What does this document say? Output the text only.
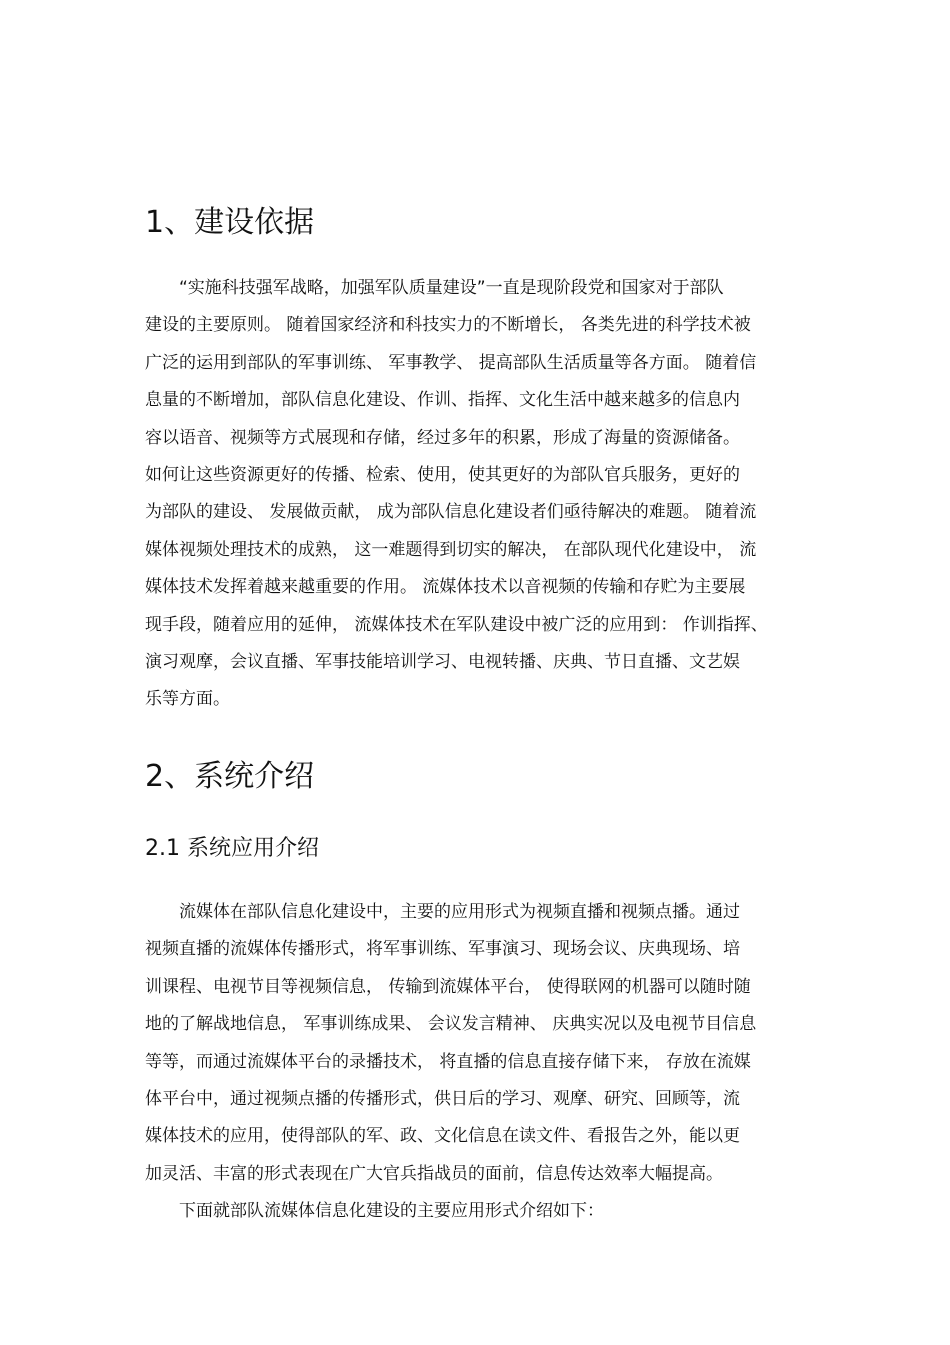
1、建设依据
“实施科技强军战略，加强军队质量建设”一直是现阶段党和国家对于部队
建设的主要原则。 随着国家经济和科技实力的不断增长， 各类先进的科学技术被
广泛的运用到部队的军事训练、 军事教学、 提高部队生活质量等各方面。 随着信
息量的不断增加，部队信息化建设、作训、指挥、文化生活中越来越多的信息内
容以语音、视频等方式展现和存储，经过多年的积累，形成了海量的资源储备。
如何让这些资源更好的传播、检索、使用，使其更好的为部队官兵服务，更好的
为部队的建设、 发展做贡献， 成为部队信息化建设者们亟待解决的难题。 随着流
媒体视频处理技术的成熟， 这一难题得到切实的解决， 在部队现代化建设中， 流
媒体技术发挥着越来越重要的作用。 流媒体技术以音视频的传输和存贮为主要展
现手段，随着应用的延伸， 流媒体技术在军队建设中被广泛的应用到： 作训指挥、
演习观摩，会议直播、军事技能培训学习、电视转播、庆典、节日直播、文艺娱
乐等方面。
2、系统介绍
2.1 系统应用介绍
流媒体在部队信息化建设中，主要的应用形式为视频直播和视频点播。通过
视频直播的流媒体传播形式，将军事训练、军事演习、现场会议、庆典现场、培
训课程、电视节目等视频信息， 传输到流媒体平台， 使得联网的机器可以随时随
地的了解战地信息， 军事训练成果、 会议发言精神、 庆典实况以及电视节目信息
等等，而通过流媒体平台的录播技术， 将直播的信息直接存储下来， 存放在流媒
体平台中，通过视频点播的传播形式，供日后的学习、观摩、研究、回顾等，流
媒体技术的应用，使得部队的军、政、文化信息在读文件、看报告之外，能以更
加灵活、丰富的形式表现在广大官兵指战员的面前，信息传达效率大幅提高。
下面就部队流媒体信息化建设的主要应用形式介绍如下：
